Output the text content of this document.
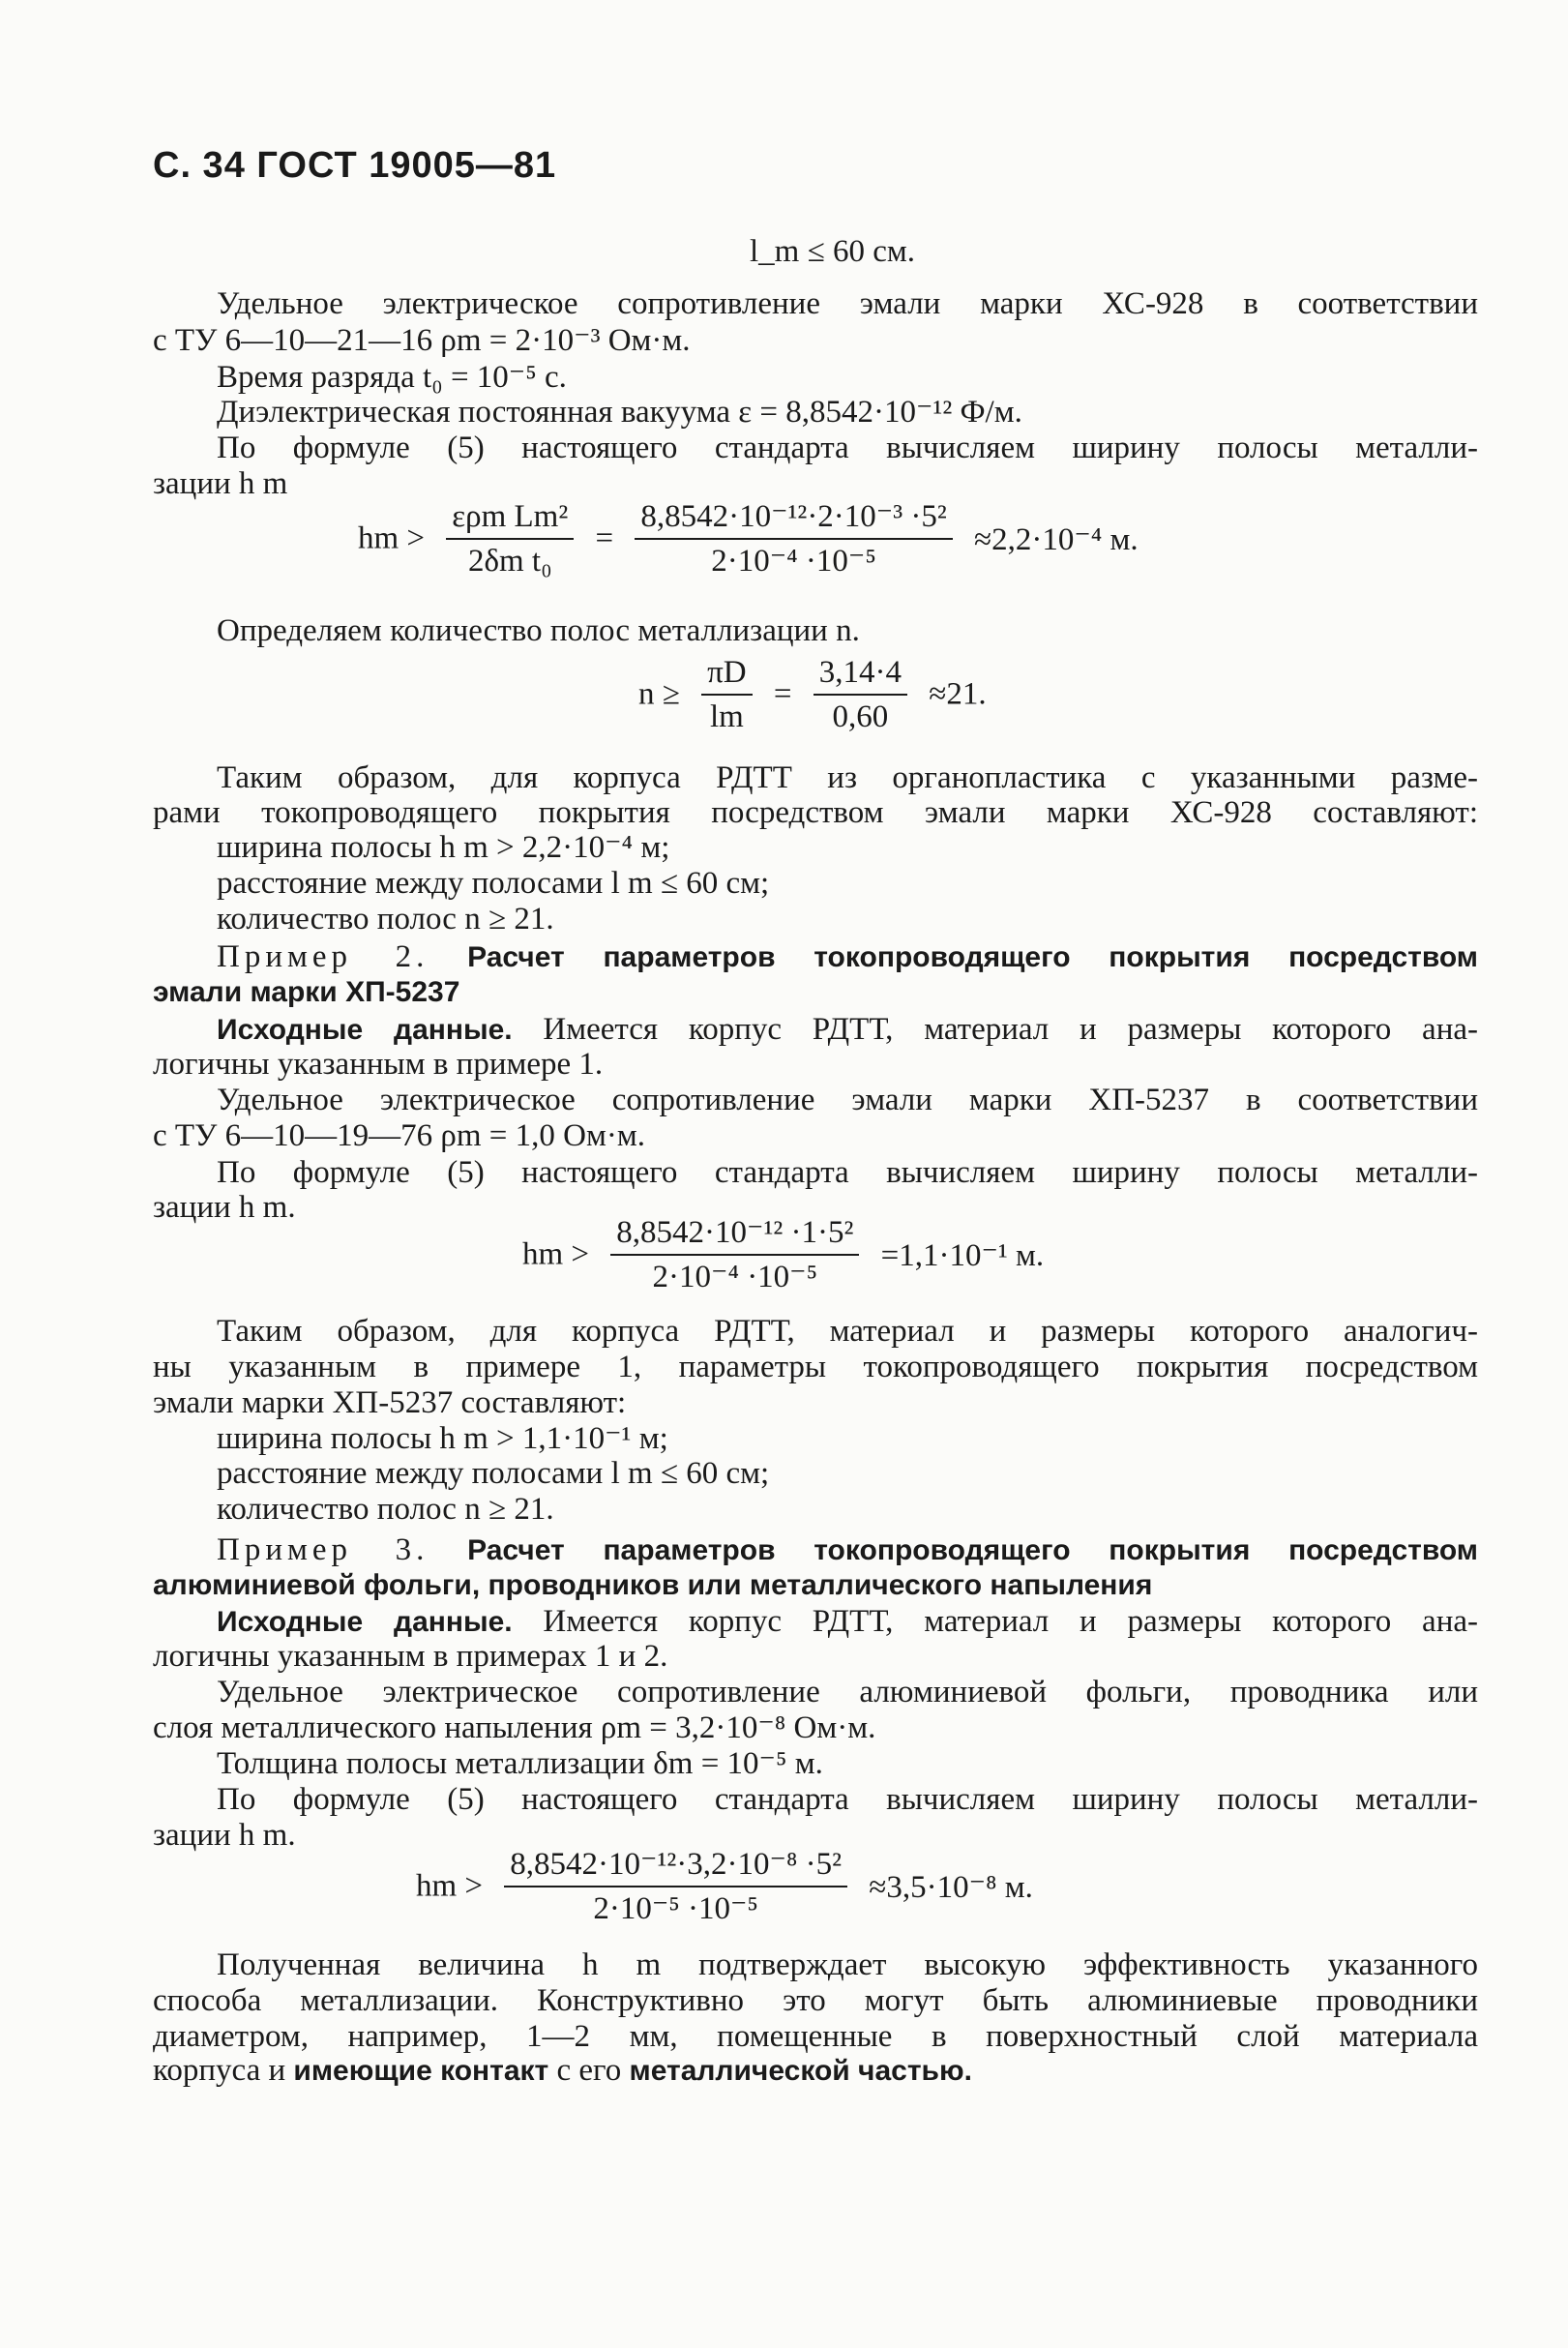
С. 34 ГОСТ 19005—81
l_m ≤ 60 см.
Удельное электрическое сопротивление эмали марки ХС-928 в соответствии
с ТУ 6—10—21—16 ρm = 2·10⁻³ Ом·м.
Время разряда t₀ = 10⁻⁵ с.
Диэлектрическая постоянная вакуума ε = 8,8542·10⁻¹² Ф/м.
По формуле (5) настоящего стандарта вычисляем ширину полосы металли-
зации h m
hm >
ερm Lm²
2δm t₀
= $\frac{\text{8,8542·10⁻¹²·2·10⁻³ ·5²}}{\text{2·10⁻⁴ ·10⁻⁵}} \approx 2,2\cdot 10^{-4}$ м.
Определяем количество полос металлизации n.
$n \ge \frac{\pi D}{lm} = \frac{3,14\cdot 4}{0,60} \approx 21$.
Таким образом, для корпуса РДТТ из органопластика с указанными разме-
рами токопроводящего покрытия посредством эмали марки ХС-928 составляют:
ширина полосы h m > 2,2·10⁻⁴ м;
расстояние между полосами l m ≤ 60 см;
количество полос n ≥ 21.
Пример 2. Расчет параметров токопроводящего покрытия посредством
эмали марки ХП-5237
Исходные данные. Имеется корпус РДТТ, материал и размеры которого ана-
логичны указанным в примере 1.
Удельное электрическое сопротивление эмали марки ХП-5237 в соответствии
с ТУ 6—10—19—76 ρm = 1,0 Ом·м.
По формуле (5) настоящего стандарта вычисляем ширину полосы металли-
зации h m.
hm > $\frac{\text{8,8542·10⁻¹² ·1·5²}}{\text{2·10⁻⁴ ·10⁻⁵}} =1,1\cdot 10^{-1}$ м.
Таким образом, для корпуса РДТТ, материал и размеры которого аналогич-
ны указанным в примере 1, параметры токопроводящего покрытия посредством
эмали марки ХП-5237 составляют:
ширина полосы h m > 1,1·10⁻¹ м;
расстояние между полосами l m ≤ 60 см;
количество полос n ≥ 21.
Пример 3. Расчет параметров токопроводящего покрытия посредством
алюминиевой фольги, проводников или металлического напыления
Исходные данные. Имеется корпус РДТТ, материал и размеры которого ана-
логичны указанным в примерах 1 и 2.
Удельное электрическое сопротивление алюминиевой фольги, проводника или
слоя металлического напыления ρm = 3,2·10⁻⁸ Ом·м.
Толщина полосы металлизации δm = 10⁻⁵ м.
По формуле (5) настоящего стандарта вычисляем ширину полосы металли-
зации h m.
hm > $\frac{\text{8,8542·10⁻¹²·3,2·10⁻⁸ ·5²}}{\text{2·10⁻⁵ ·10⁻⁵}} \approx 3,5\cdot 10^{-8}$ м.
Полученная величина h m подтверждает высокую эффективность указанного
способа металлизации. Конструктивно это могут быть алюминиевые проводники
диаметром, например, 1—2 мм, помещенные в поверхностный слой материала
корпуса и имеющие контакт с его металлической частью.
